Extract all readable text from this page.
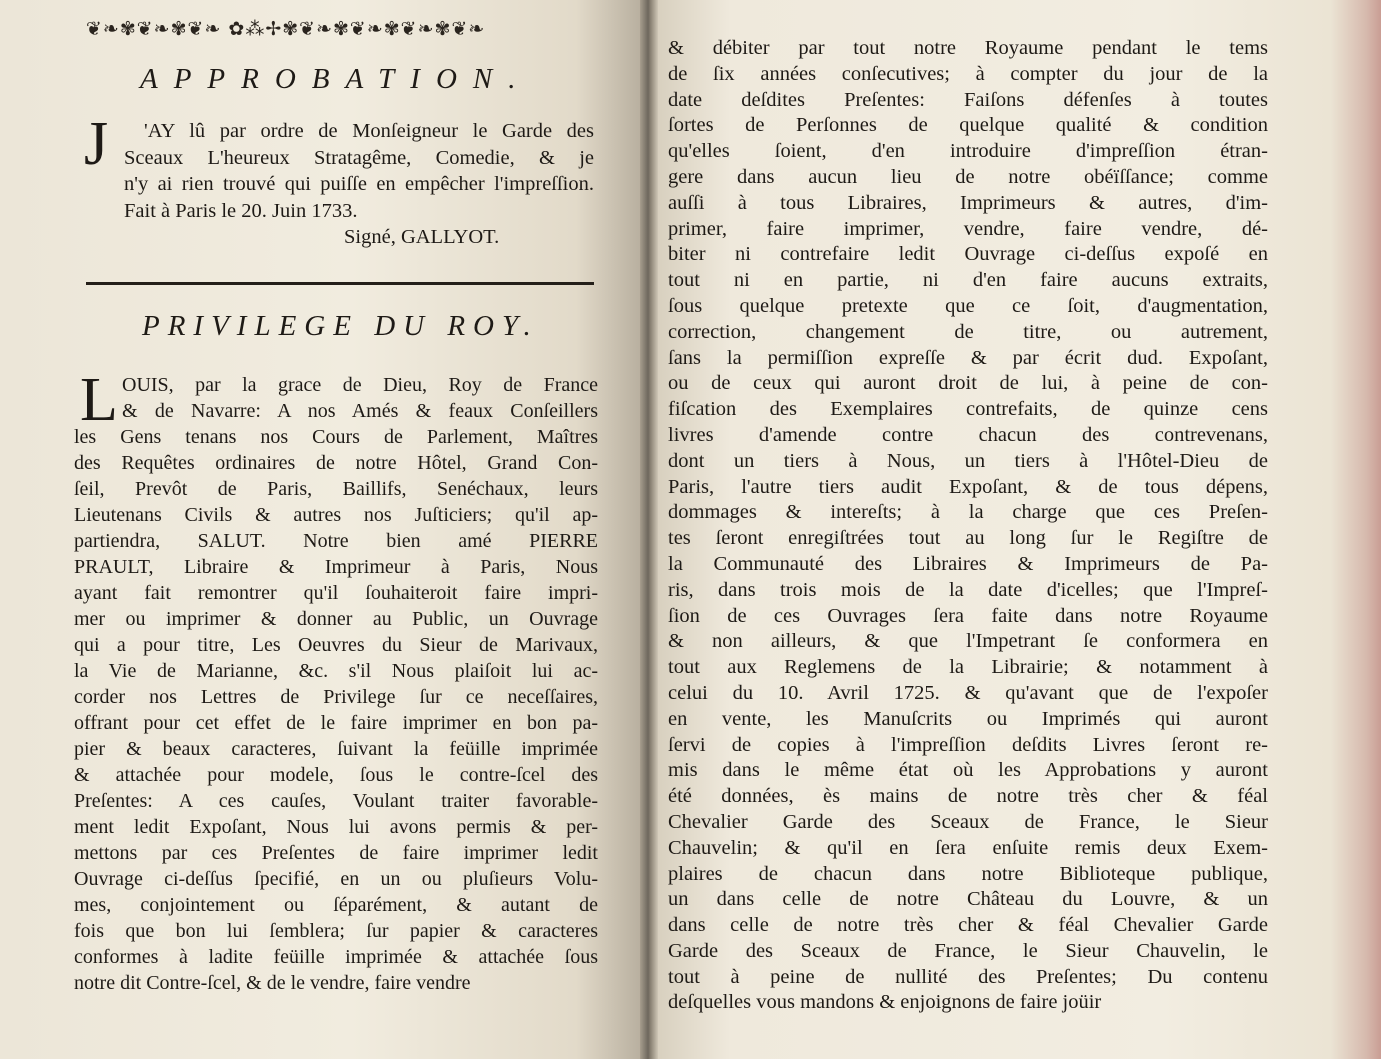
❦❧✾❦❧✾❦❧ ✿⁂✢✾❦❧✾❦❧✾❦❧✾❦❧
APPROBATION.
J	'AY lû par ordre de Monſeigneur le Garde des
Sceaux L'heureux Stratagême, Comedie, & je
n'y ai rien trouvé qui puiſſe en empêcher l'impreſſion.
Fait à Paris le 20. Juin 1733.
Signé, GALLYOT.
PRIVILEGE DU ROY.
L OUIS, par la grace de Dieu, Roy de France
& de Navarre: A nos Amés & feaux Conſeillers
les Gens tenans nos Cours de Parlement, Maîtres
des Requêtes ordinaires de notre Hôtel, Grand Con-
ſeil, Prevôt de Paris, Baillifs, Senéchaux, leurs
Lieutenans Civils & autres nos Juſticiers; qu'il ap-
partiendra, SALUT. Notre bien amé PIERRE
PRAULT, Libraire & Imprimeur à Paris, Nous
ayant fait remontrer qu'il ſouhaiteroit faire impri-
mer ou imprimer & donner au Public, un Ouvrage
qui a pour titre, Les Oeuvres du Sieur de Marivaux,
la Vie de Marianne, &c. s'il Nous plaiſoit lui ac-
corder nos Lettres de Privilege ſur ce neceſſaires,
offrant pour cet effet de le faire imprimer en bon pa-
pier & beaux caracteres, ſuivant la feüille imprimée
& attachée pour modele, ſous le contre-ſcel des
Preſentes: A ces cauſes, Voulant traiter favorable-
ment ledit Expoſant, Nous lui avons permis & per-
mettons par ces Preſentes de faire imprimer ledit
Ouvrage ci-deſſus ſpecifié, en un ou pluſieurs Volu-
mes, conjointement ou ſéparément, & autant de
fois que bon lui ſemblera; ſur papier & caracteres
conformes à ladite feüille imprimée & attachée ſous
notre dit Contre-ſcel, & de le vendre, faire vendre
& débiter par tout notre Royaume pendant le tems
de ſix années conſecutives; à compter du jour de la
date deſdites Preſentes: Faiſons défenſes à toutes
ſortes de Perſonnes de quelque qualité & condition
qu'elles ſoient, d'en introduire d'impreſſion étran-
gere dans aucun lieu de notre obéïſſance; comme
auſſi à tous Libraires, Imprimeurs & autres, d'im-
primer, faire imprimer, vendre, faire vendre, dé-
biter ni contrefaire ledit Ouvrage ci-deſſus expoſé en
tout ni en partie, ni d'en faire aucuns extraits,
ſous quelque pretexte que ce ſoit, d'augmentation,
correction, changement de titre, ou autrement,
ſans la permiſſion expreſſe & par écrit dud. Expoſant,
ou de ceux qui auront droit de lui, à peine de con-
fiſcation des Exemplaires contrefaits, de quinze cens
livres d'amende contre chacun des contrevenans,
dont un tiers à Nous, un tiers à l'Hôtel-Dieu de
Paris, l'autre tiers audit Expoſant, & de tous dépens,
dommages & intereſts; à la charge que ces Preſen-
tes ſeront enregiſtrées tout au long ſur le Regiſtre de
la Communauté des Libraires & Imprimeurs de Pa-
ris, dans trois mois de la date d'icelles; que l'Impreſ-
ſion de ces Ouvrages ſera faite dans notre Royaume
& non ailleurs, & que l'Impetrant ſe conformera en
tout aux Reglemens de la Librairie; & notamment à
celui du 10. Avril 1725. & qu'avant que de l'expoſer
en vente, les Manuſcrits ou Imprimés qui auront
ſervi de copies à l'impreſſion deſdits Livres ſeront re-
mis dans le même état où les Approbations y auront
été données, ès mains de notre très cher & féal
Chevalier Garde des Sceaux de France, le Sieur
Chauvelin; & qu'il en ſera enſuite remis deux Exem-
plaires de chacun dans notre Biblioteque publique,
un dans celle de notre Château du Louvre, & un
dans celle de notre très cher & féal Chevalier Garde
Garde des Sceaux de France, le Sieur Chauvelin, le
tout à peine de nullité des Preſentes; Du contenu
deſquelles vous mandons & enjoignons de faire joüir
